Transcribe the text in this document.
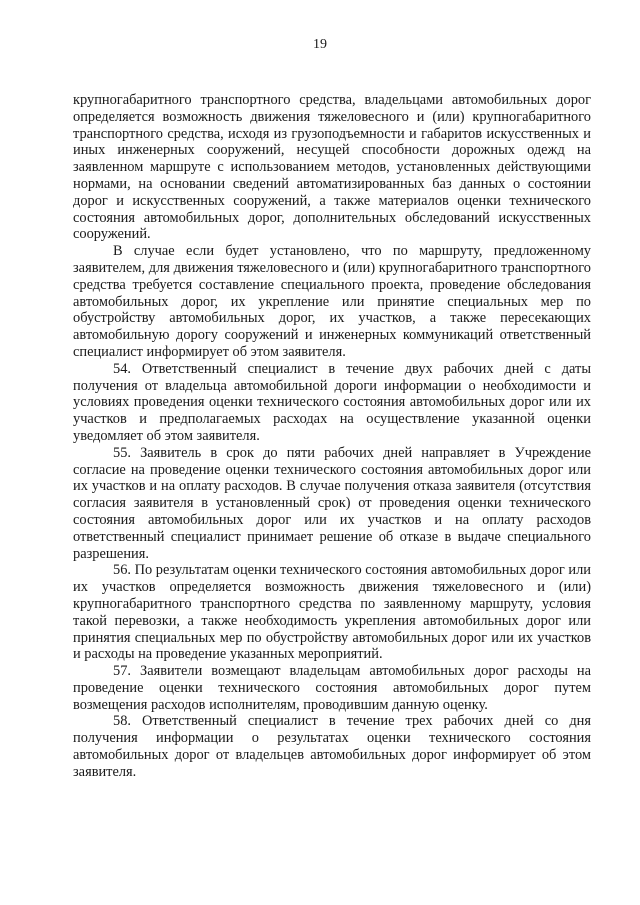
19

крупногабаритного транспортного средства, владельцами автомобильных дорог определяется возможность движения тяжеловесного и (или) крупногабаритного транспортного средства, исходя из грузоподъемности и габаритов искусственных и иных инженерных сооружений, несущей способности дорожных одежд на заявленном маршруте с использованием методов, установленных действующими нормами, на основании сведений автоматизированных баз данных о состоянии дорог и искусственных сооружений, а также материалов оценки технического состояния автомобильных дорог, дополнительных обследований искусственных сооружений.

В случае если будет установлено, что по маршруту, предложенному заявителем, для движения тяжеловесного и (или) крупногабаритного транспортного средства требуется составление специального проекта, проведение обследования автомобильных дорог, их укрепление или принятие специальных мер по обустройству автомобильных дорог, их участков, а также пересекающих автомобильную дорогу сооружений и инженерных коммуникаций ответственный специалист информирует об этом заявителя.

54. Ответственный специалист в течение двух рабочих дней с даты получения от владельца автомобильной дороги информации о необходимости и условиях проведения оценки технического состояния автомобильных дорог или их участков и предполагаемых расходах на осуществление указанной оценки уведомляет об этом заявителя.

55. Заявитель в срок до пяти рабочих дней направляет в Учреждение согласие на проведение оценки технического состояния автомобильных дорог или их участков и на оплату расходов. В случае получения отказа заявителя (отсутствия согласия заявителя в установленный срок) от проведения оценки технического состояния автомобильных дорог или их участков и на оплату расходов ответственный специалист принимает решение об отказе в выдаче специального разрешения.

56. По результатам оценки технического состояния автомобильных дорог или их участков определяется возможность движения тяжеловесного и (или) крупногабаритного транспортного средства по заявленному маршруту, условия такой перевозки, а также необходимость укрепления автомобильных дорог или принятия специальных мер по обустройству автомобильных дорог или их участков и расходы на проведение указанных мероприятий.

57. Заявители возмещают владельцам автомобильных дорог расходы на проведение оценки технического состояния автомобильных дорог путем возмещения расходов исполнителям, проводившим данную оценку.

58. Ответственный специалист в течение трех рабочих дней со дня получения информации о результатах оценки технического состояния автомобильных дорог от владельцев автомобильных дорог информирует об этом заявителя.
